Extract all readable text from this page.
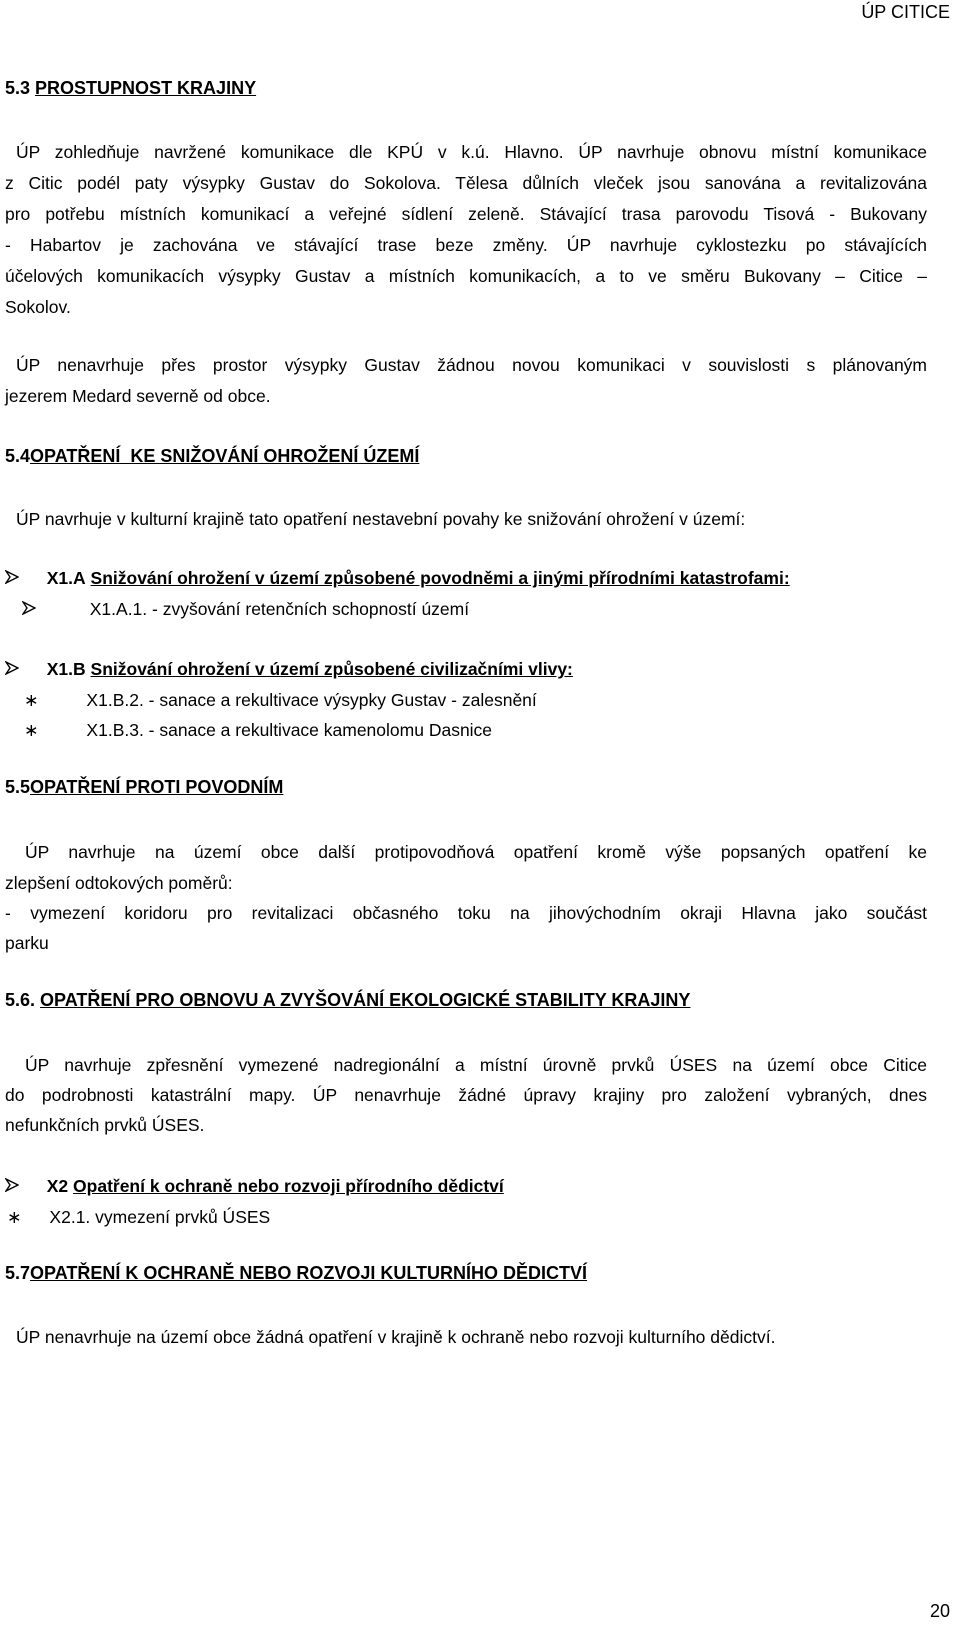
ÚP CITICE
5.3 PROSTUPNOST KRAJINY
ÚP zohledňuje navržené komunikace dle KPÚ v k.ú. Hlavno. ÚP navrhuje obnovu místní komunikace
z Citic podél paty výsypky Gustav do Sokolova. Tělesa důlních vleček jsou sanována a revitalizována
pro potřebu místních komunikací a veřejné sídlení zeleně. Stávající trasa parovodu Tisová - Bukovany
- Habartov je zachována ve stávající trase beze změny. ÚP navrhuje cyklostezku po stávajících
účelových komunikacích výsypky Gustav a místních komunikacích, a to ve směru Bukovany – Citice –
Sokolov.
ÚP nenavrhuje přes prostor výsypky Gustav žádnou novou komunikaci v souvislosti s plánovaným
jezerem Medard severně od obce.
5.4OPATŘENÍ  KE SNIŽOVÁNÍ OHROŽENÍ ÚZEMÍ
ÚP navrhuje v kulturní krajině tato opatření nestavební povahy ke snižování ohrožení v území:
X1.A Snižování ohrožení v území způsobené povodněmi a jinými přírodními katastrofami:
X1.A.1. - zvyšování retenčních schopností území
X1.B Snižování ohrožení v území způsobené civilizačními vlivy:
∗	X1.B.2. - sanace a rekultivace výsypky Gustav - zalesnění
∗	X1.B.3. - sanace a rekultivace kamenolomu Dasnice
5.5OPATŘENÍ PROTI POVODNÍM
ÚP navrhuje na území obce další protipovodňová opatření kromě výše popsaných opatření ke
zlepšení odtokových poměrů:
- vymezení koridoru pro revitalizaci občasného toku na jihovýchodním okraji Hlavna jako součást
parku
5.6. OPATŘENÍ PRO OBNOVU A ZVYŠOVÁNÍ EKOLOGICKÉ STABILITY KRAJINY
ÚP navrhuje zpřesnění vymezené nadregionální a místní úrovně prvků ÚSES na území obce Citice
do podrobnosti katastrální mapy. ÚP nenavrhuje žádné úpravy krajiny pro založení vybraných, dnes
nefunkčních prvků ÚSES.
X2 Opatření k ochraně nebo rozvoji přírodního dědictví
∗ X2.1. vymezení prvků ÚSES
5.7OPATŘENÍ K OCHRANĚ NEBO ROZVOJI KULTURNÍHO DĚDICTVÍ
ÚP nenavrhuje na území obce žádná opatření v krajině k ochraně nebo rozvoji kulturního dědictví.
20
